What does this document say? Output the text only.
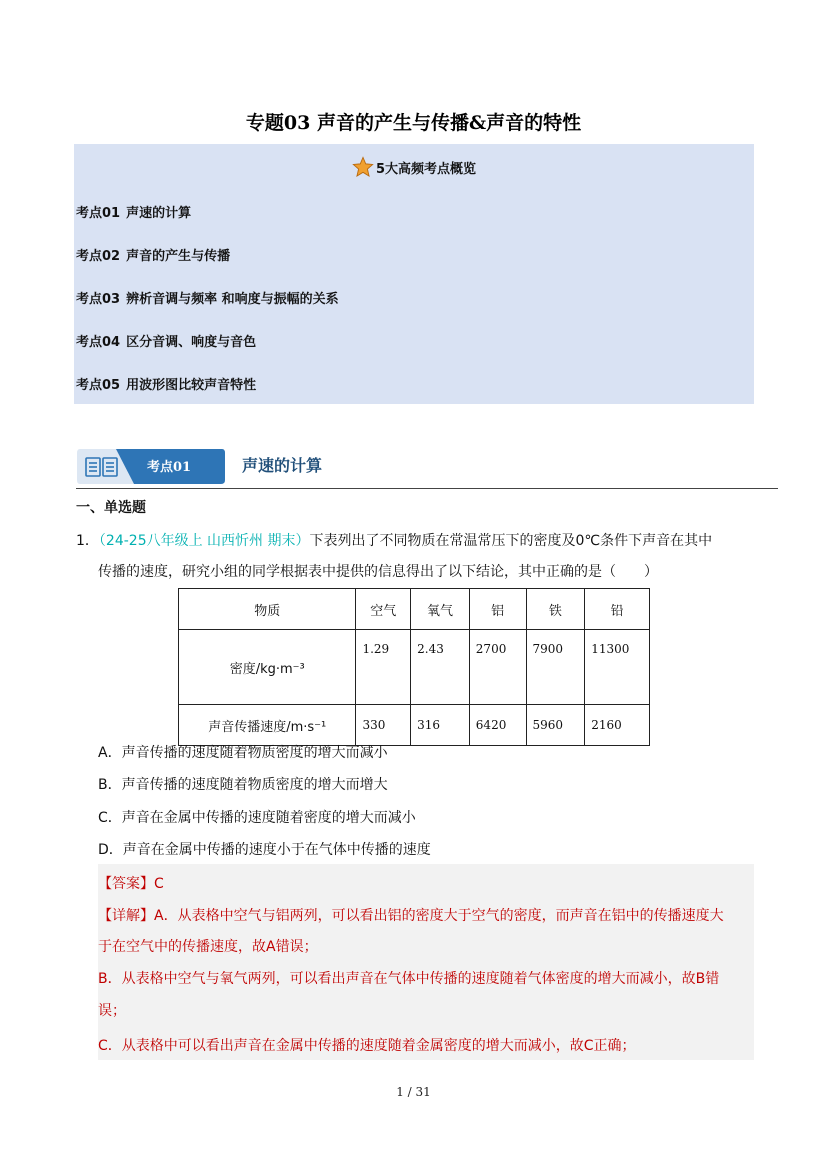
专题03 声音的产生与传播&声音的特性
5大高频考点概览
考点01 声速的计算
考点02 声音的产生与传播
考点03 辨析音调与频率 和响度与振幅的关系
考点04 区分音调、响度与音色
考点05 用波形图比较声音特性
考点01	声速的计算
一、单选题
1．（24-25八年级上 山西忻州 期末）下表列出了不同物质在常温常压下的密度及0℃条件下声音在其中
传播的速度，研究小组的同学根据表中提供的信息得出了以下结论，其中正确的是（　　）
物质	空气	氧气	铝	铁	铅
密度/kg·m⁻³	1.29	2.43	2700	7900	11300
声音传播速度/m·s⁻¹	330	316	6420	5960	2160
A．声音传播的速度随着物质密度的增大而减小
B．声音传播的速度随着物质密度的增大而增大
C．声音在金属中传播的速度随着密度的增大而减小
D．声音在金属中传播的速度小于在气体中传播的速度
【答案】C
【详解】A．从表格中空气与铝两列，可以看出铝的密度大于空气的密度，而声音在铝中的传播速度大
于在空气中的传播速度，故A错误；
B．从表格中空气与氧气两列，可以看出声音在气体中传播的速度随着气体密度的增大而减小，故B错
误；
C．从表格中可以看出声音在金属中传播的速度随着金属密度的增大而减小，故C正确；
1 / 31
